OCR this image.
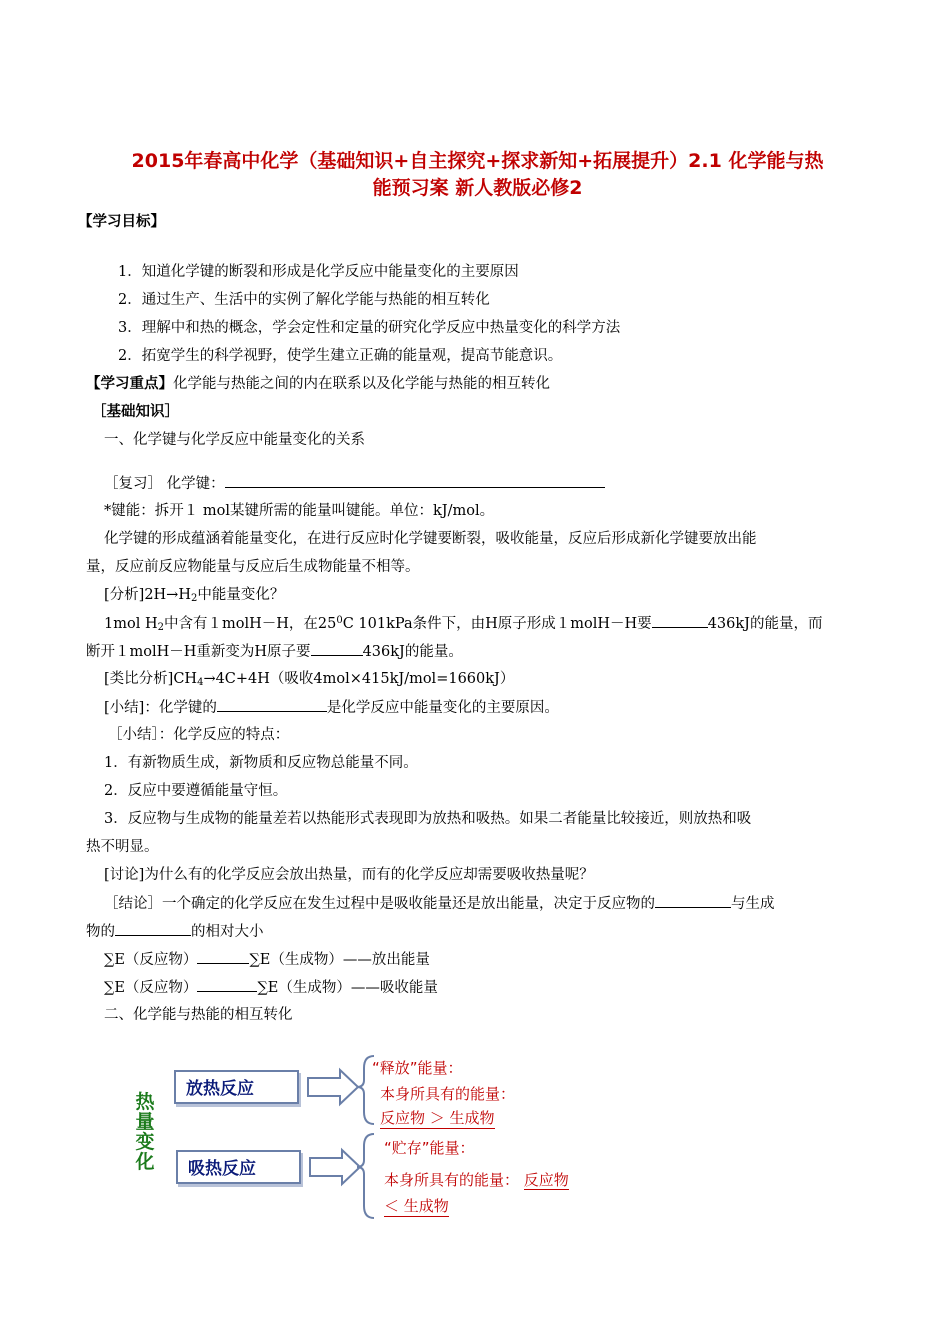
2015年春高中化学（基础知识+自主探究+探求新知+拓展提升）2.1 化学能与热
能预习案 新人教版必修2
【学习目标】
1．知道化学键的断裂和形成是化学反应中能量变化的主要原因
2．通过生产、生活中的实例了解化学能与热能的相互转化
3．理解中和热的概念，学会定性和定量的研究化学反应中热量变化的科学方法
2．拓宽学生的科学视野，使学生建立正确的能量观，提高节能意识。
【学习重点】化学能与热能之间的内在联系以及化学能与热能的相互转化
［基础知识］
一、化学键与化学反应中能量变化的关系
［复习］ 化学键：
*键能：拆开１ mol某键所需的能量叫键能。单位：kJ/mol。
化学键的形成蕴涵着能量变化，在进行反应时化学键要断裂，吸收能量，反应后形成新化学键要放出能
量，反应前反应物能量与反应后生成物能量不相等。
[分析]$2H\to H_2$中能量变化？
1mol $H_2$中含有１molH－H，在$25^0C$ 101kPa条件下，由H原子形成１molH－H要	436kJ的能量，而
断开１molH－H重新变为H原子要	436kJ的能量。
[类比分析]$CH_4\to 4C+4H$（吸收4mol×415kJ/mol=1660kJ）
[小结]：化学键的	是化学反应中能量变化的主要原因。
［小结］：化学反应的特点：
1．有新物质生成，新物质和反应物总能量不同。
2．反应中要遵循能量守恒。
3．反应物与生成物的能量差若以热能形式表现即为放热和吸热。如果二者能量比较接近，则放热和吸
热不明显。
[讨论]为什么有的化学反应会放出热量，而有的化学反应却需要吸收热量呢？
［结论］一个确定的化学反应在发生过程中是吸收能量还是放出能量，决定于反应物的	与生成
物的	的相对大小
∑E（反应物）	∑E（生成物）——放出能量
∑E（反应物）	∑E（生成物）——吸收能量
二、化学能与热能的相互转化
热
量
变
化
放热反应
吸热反应
“释放”能量：
本身所具有的能量：
反应物 ＞ 生成物
“贮存”能量：
本身所具有的能量： 反应物
＜ 生成物
